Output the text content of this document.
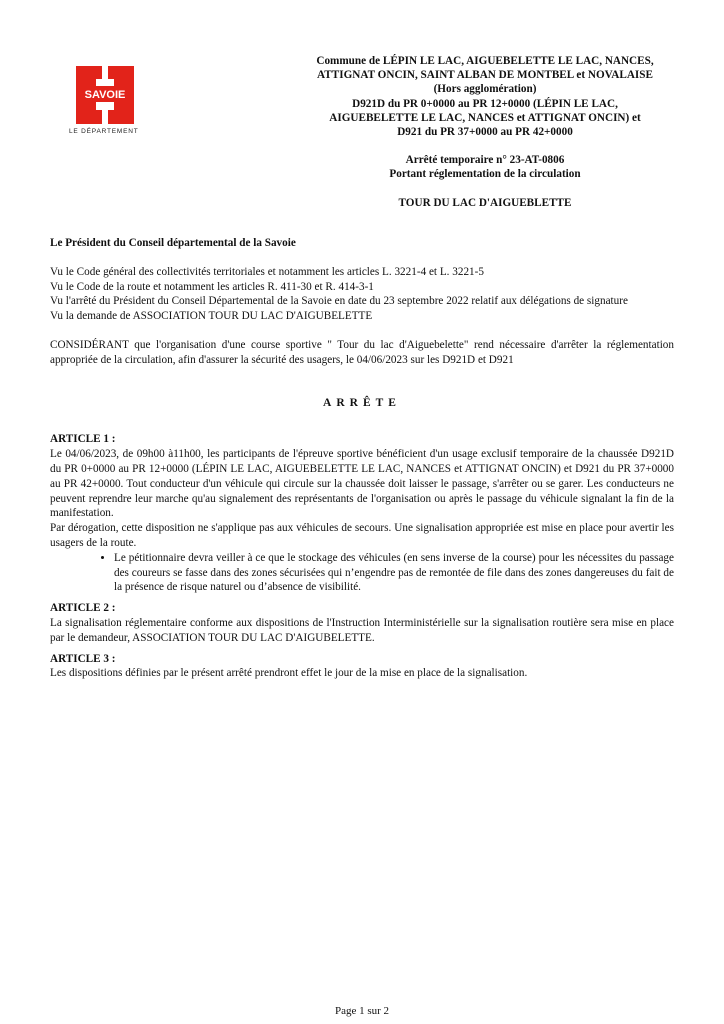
SAVOIE
LE DÉPARTEMENT
Commune de LÉPIN LE LAC, AIGUEBELETTE LE LAC, NANCES,
ATTIGNAT ONCIN, SAINT ALBAN DE MONTBEL et NOVALAISE
(Hors agglomération)
D921D du PR 0+0000 au PR 12+0000 (LÉPIN LE LAC,
AIGUEBELETTE LE LAC, NANCES et ATTIGNAT ONCIN) et
D921 du PR 37+0000 au PR 42+0000
Arrêté temporaire n° 23-AT-0806
Portant réglementation de la circulation
TOUR DU LAC D'AIGUEBLETTE

Le Président du Conseil départemental de la Savoie

Vu le Code général des collectivités territoriales et notamment les articles L. 3221-4 et L. 3221-5

Vu le Code de la route et notamment les articles R. 411-30 et R. 414-3-1

Vu l'arrêté du Président du Conseil Départemental de la Savoie en date du 23 septembre 2022 relatif aux délégations de signature

Vu la demande de ASSOCIATION TOUR DU LAC D'AIGUBELETTE

CONSIDÉRANT que l'organisation d'une course sportive " Tour du lac d'Aiguebelette" rend nécessaire d'arrêter la réglementation appropriée de la circulation, afin d'assurer la sécurité des usagers, le 04/06/2023 sur les D921D et D921

ARRÊTE

ARTICLE 1 :

Le 04/06/2023, de 09h00 à11h00, les participants de l'épreuve sportive bénéficient d'un usage exclusif temporaire de la chaussée D921D du PR 0+0000 au PR 12+0000 (LÉPIN LE LAC, AIGUEBELETTE LE LAC, NANCES et ATTIGNAT ONCIN) et D921 du PR 37+0000 au PR 42+0000. Tout conducteur d'un véhicule qui circule sur la chaussée doit laisser le passage, s'arrêter ou se garer. Les conducteurs ne peuvent reprendre leur marche qu'au signalement des représentants de l'organisation ou après le passage du véhicule signalant la fin de la manifestation.

Par dérogation, cette disposition ne s'applique pas aux véhicules de secours. Une signalisation appropriée est mise en place pour avertir les usagers de la route.

• Le pétitionnaire devra veiller à ce que le stockage des véhicules (en sens inverse de la course) pour les nécessites du passage des coureurs se fasse dans des zones sécurisées qui n’engendre pas de remontée de file dans des zones dangereuses du fait de la présence de risque naturel ou d’absence de visibilité.

ARTICLE 2 :

La signalisation réglementaire conforme aux dispositions de l'Instruction Interministérielle sur la signalisation routière sera mise en place par le demandeur, ASSOCIATION TOUR DU LAC D'AIGUBELETTE.

ARTICLE 3 :

Les dispositions définies par le présent arrêté prendront effet le jour de la mise en place de la signalisation.

Page 1 sur 2
